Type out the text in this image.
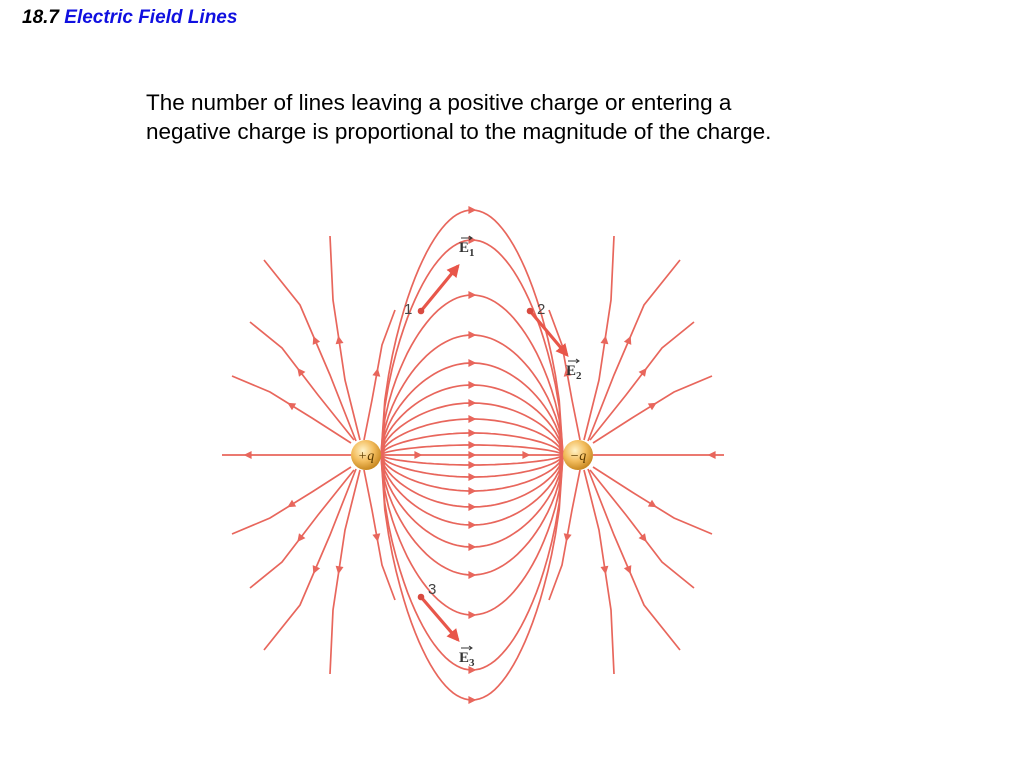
18.7 Electric Field Lines
The number of lines leaving a positive charge or entering a
negative charge is proportional to the magnitude of the charge.
1
$E_1$
2
$E_2$
3
$E_3$
+q	−q
